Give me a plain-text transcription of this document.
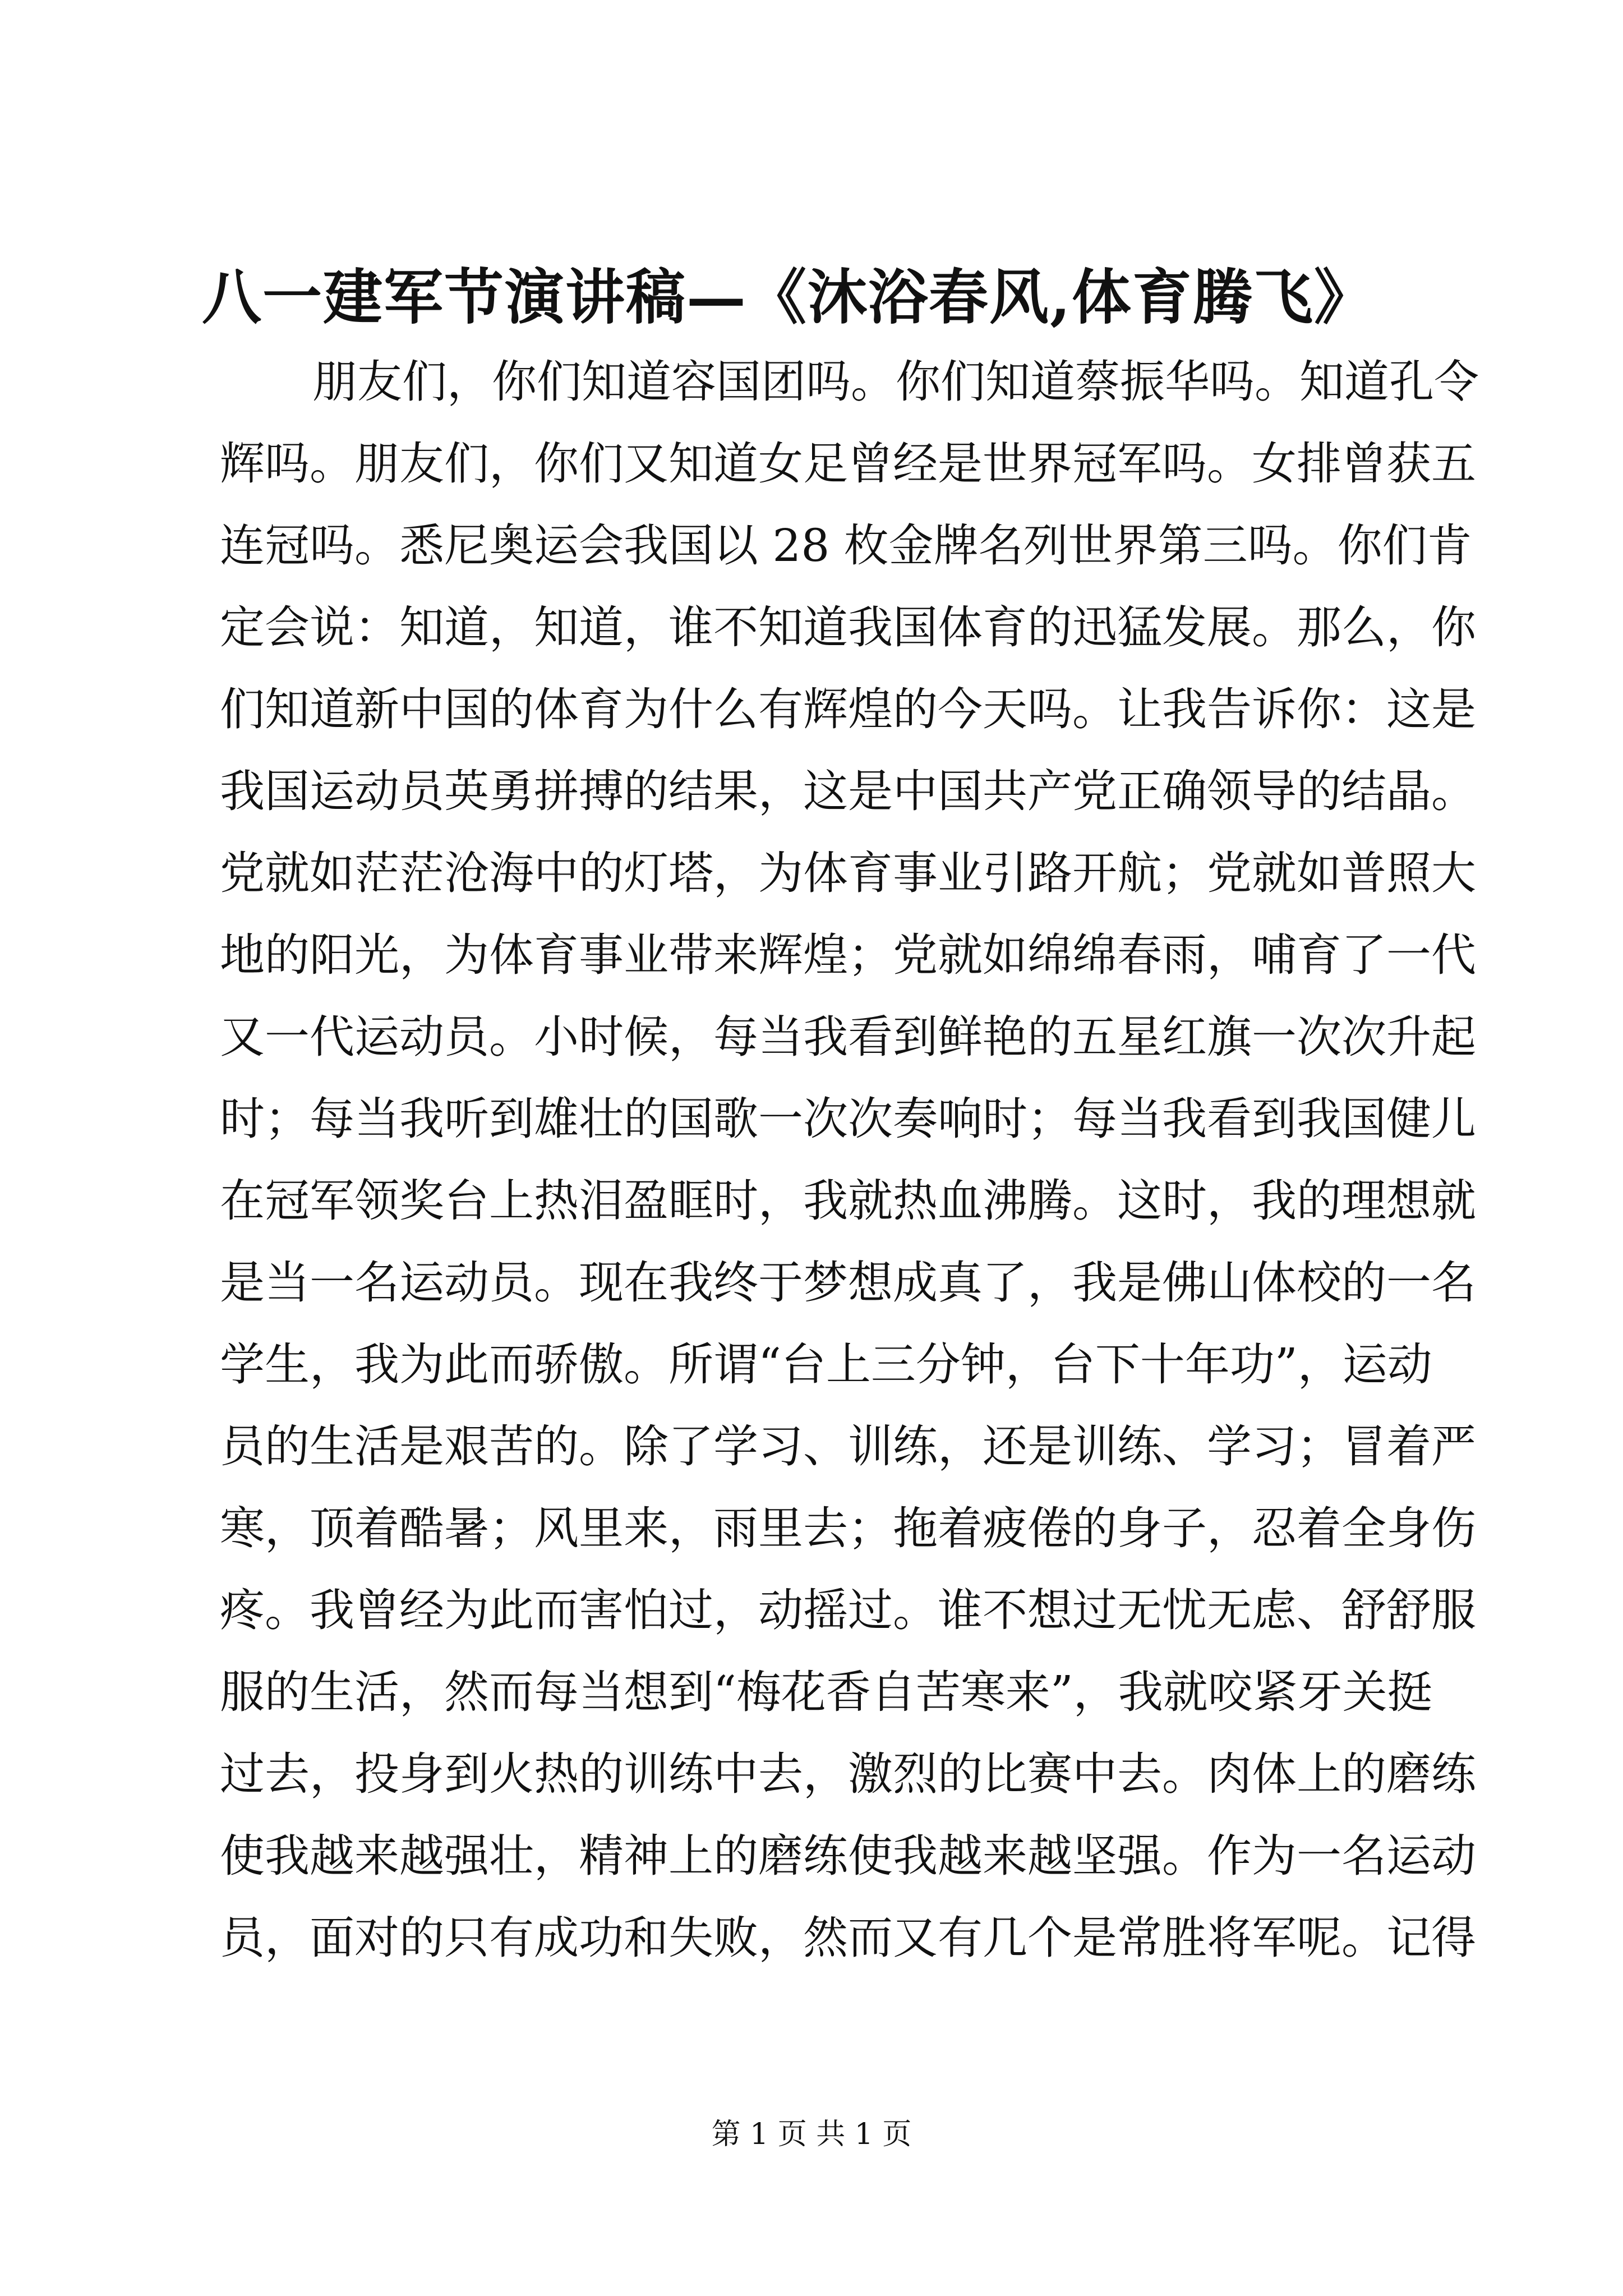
八一建军节演讲稿—《沐浴春风,体育腾飞》
朋友们，你们知道容国团吗。你们知道蔡振华吗。知道孔令
辉吗。朋友们，你们又知道女足曾经是世界冠军吗。女排曾获五
连冠吗。悉尼奥运会我国以 28 枚金牌名列世界第三吗。你们肯
定会说：知道，知道，谁不知道我国体育的迅猛发展。那么，你
们知道新中国的体育为什么有辉煌的今天吗。让我告诉你：这是
我国运动员英勇拼搏的结果，这是中国共产党正确领导的结晶。
党就如茫茫沧海中的灯塔，为体育事业引路开航；党就如普照大
地的阳光，为体育事业带来辉煌；党就如绵绵春雨，哺育了一代
又一代运动员。小时候，每当我看到鲜艳的五星红旗一次次升起
时；每当我听到雄壮的国歌一次次奏响时；每当我看到我国健儿
在冠军领奖台上热泪盈眶时，我就热血沸腾。这时，我的理想就
是当一名运动员。现在我终于梦想成真了，我是佛山体校的一名
学生，我为此而骄傲。所谓“台上三分钟，台下十年功”，运动
员的生活是艰苦的。除了学习、训练，还是训练、学习；冒着严
寒，顶着酷暑；风里来，雨里去；拖着疲倦的身子，忍着全身伤
疼。我曾经为此而害怕过，动摇过。谁不想过无忧无虑、舒舒服
服的生活，然而每当想到“梅花香自苦寒来”，我就咬紧牙关挺
过去，投身到火热的训练中去，激烈的比赛中去。肉体上的磨练
使我越来越强壮，精神上的磨练使我越来越坚强。作为一名运动
员，面对的只有成功和失败，然而又有几个是常胜将军呢。记得
第 1 页 共 1 页
